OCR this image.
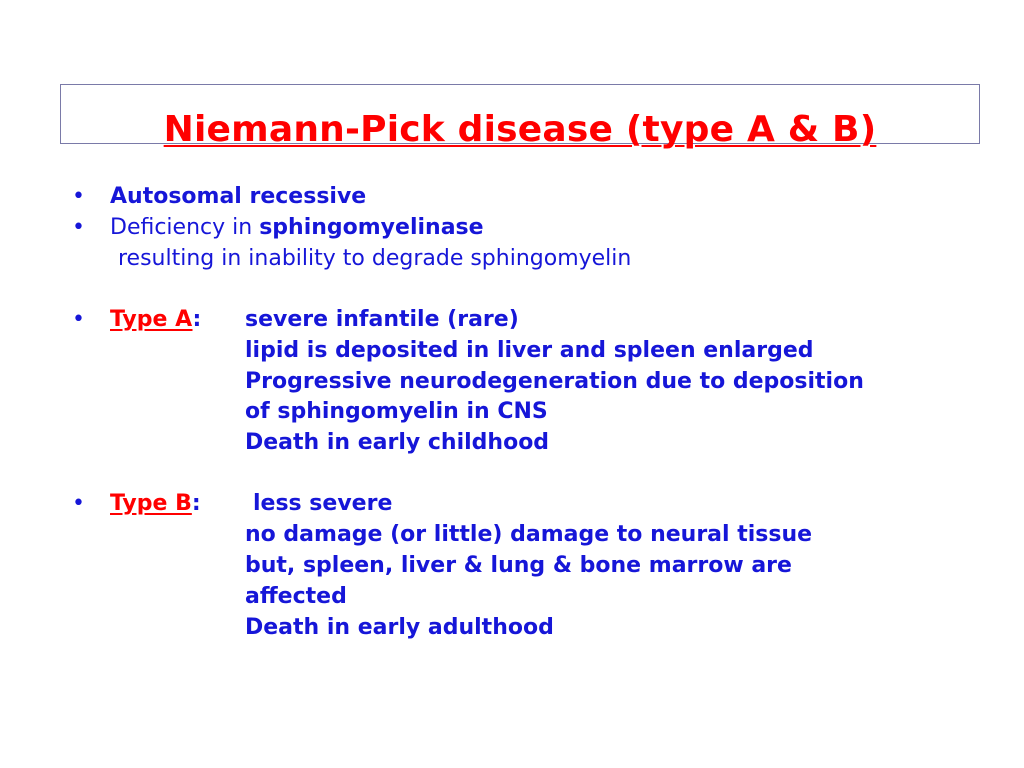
Niemann-Pick disease (type A & B)
• Autosomal recessive
• Deficiency in sphingomyelinase
resulting in inability to degrade sphingomyelin
• Type A: severe infantile (rare)
lipid is deposited in liver and spleen enlarged
Progressive neurodegeneration due to deposition
of sphingomyelin in CNS
Death in early childhood
• Type B: less severe
no damage (or little) damage to neural tissue
but, spleen, liver & lung & bone marrow are
affected
Death in early adulthood
